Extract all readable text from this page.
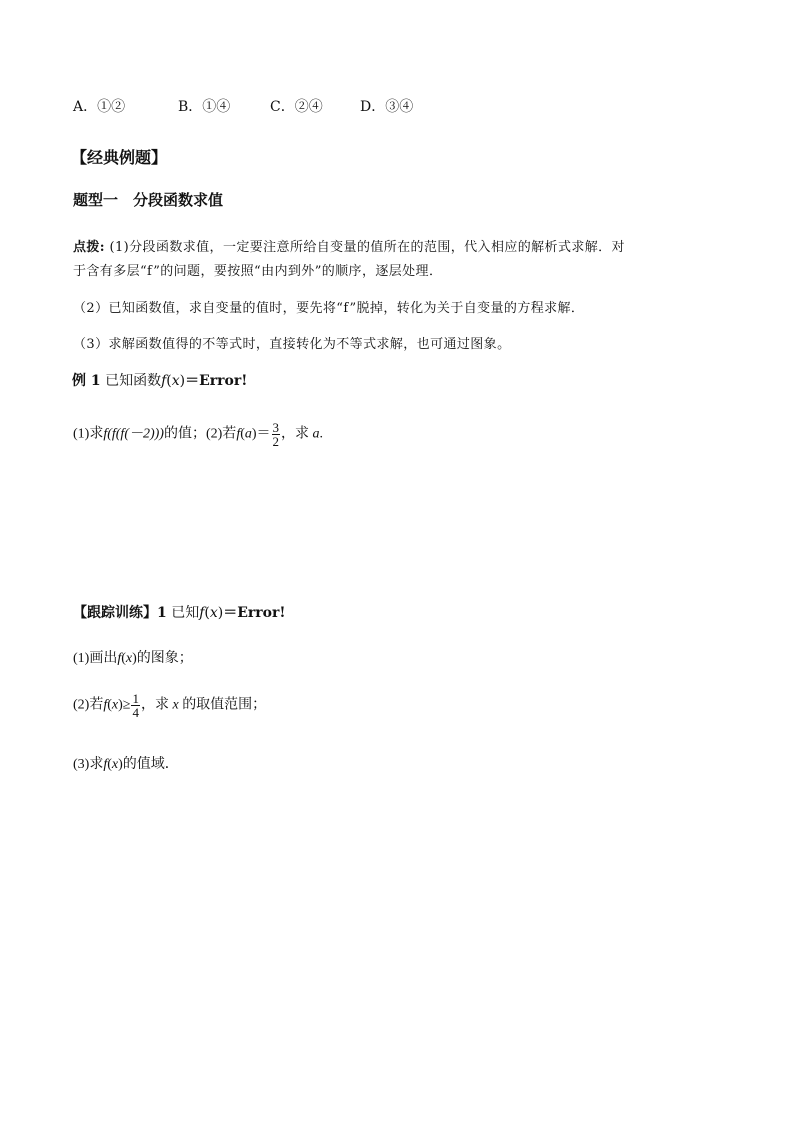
A．①②	B．①④	C．②④	D．③④
【经典例题】
题型一　分段函数求值
点拨: (1)分段函数求值，一定要注意所给自变量的值所在的范围，代入相应的解析式求解．对
于含有多层“f”的问题，要按照“由内到外”的顺序，逐层处理．
（2）已知函数值，求自变量的值时，要先将“f”脱掉，转化为关于自变量的方程求解．
（3）求解函数值得的不等式时，直接转化为不等式求解，也可通过图象。
例 1 已知函数f(x)＝Error!
(1)求f(f(f(－2)))的值；(2)若$f(a)= \frac{3}{2}$ ，求 a.
【跟踪训练】1 已知f(x)＝Error!
(1)画出f(x)的图象；
(2)若$f(x)\ge \frac{1}{4}$ ，求 x 的取值范围；
(3)求f(x)的值域．
